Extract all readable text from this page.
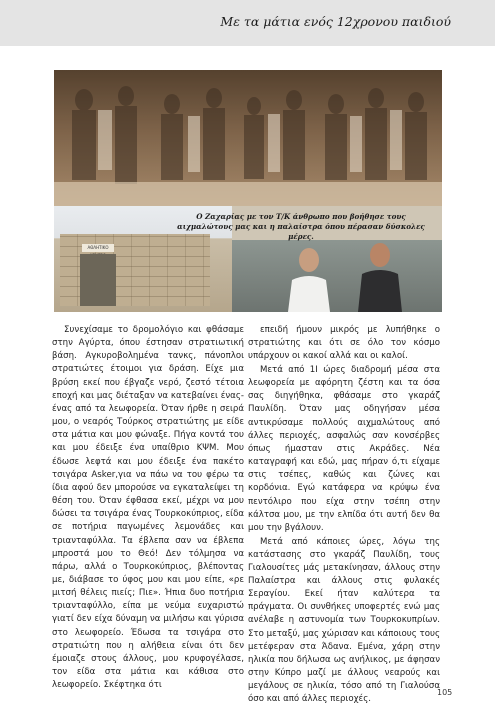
Με τα μάτια ενός 12χρονου παιδιού
ΑΘΛΗΤΙΚΟ
Ο Ζαχαρίας με τον Τ/Κ άνθρωπο που βοήθησε τους αιχμαλώτους μας και η παλαίστρα όπου πέρασαν δύσκολες μέρες.

Συνεχίσαμε το δρομολόγιο και φθάσαμε στην Αγύρτα, όπου έστησαν στρατιωτική βάση. Αγκυροβολημένα τανκς, πάνοπλοι στρατιώτες έτοιμοι για δράση. Είχε μια βρύση εκεί που έβγαζε νερό, ζεστό τέτοια εποχή και μας διέταξαν να κατεβαίνει ένας-ένας από τα λεωφορεία. Όταν ήρθε η σειρά μου, ο νεαρός Τούρκος στρατιώτης με είδε στα μάτια και μου φώναξε. Πήγα κοντά του και μου έδειξε ένα υπαίθριο ΚΨΜ. Μου έδωσε λεφτά και μου έδειξε ένα πακέτο τσιγάρα Asker,για να πάω να του φέρω τα ίδια αφού δεν μπορούσε να εγκαταλείψει τη θέση του. Όταν έφθασα εκεί, μέχρι να μου δώσει τα τσιγάρα ένας Τουρκοκύπριος, είδα σε ποτήρια παγωμένες λεμονάδες και τριανταφύλλα. Τα έβλεπα σαν να έβλεπα μπροστά μου το Θεό! Δεν τόλμησα να πάρω, αλλά ο Τουρκοκύπριος, βλέποντας με, διάβασε το ύφος μου και μου είπε, «ρε μιτσή θέλεις πιείς; Πιε». Ήπια δυο ποτήρια τριανταφύλλο, είπα με νεύμα ευχαριστώ γιατί δεν είχα δύναμη να μιλήσω και γύρισα στο λεωφορείο. Έδωσα τα τσιγάρα στο στρατιώτη που η αλήθεια είναι ότι δεν έμοιαζε στους άλλους, μου κρυφογέλασε, τον είδα στα μάτια και κάθισα στο λεωφορείο. Σκέφτηκα ότι

επειδή ήμουν μικρός με λυπήθηκε ο στρατιώτης και ότι σε όλο τον κόσμο υπάρχουν οι κακοί αλλά και οι καλοί.

Μετά από 1Ι ώρες διαδρομή μέσα στα λεωφορεία με αφόρητη ζέστη και τα όσα σας διηγήθηκα, φθάσαμε στο γκαράζ Παυλίδη. Όταν μας οδηγήσαν μέσα αντικρύσαμε πολλούς αιχμαλώτους από άλλες περιοχές, ασφαλώς σαν κονσέρβες όπως ήμασταν στις Ακράδες. Νέα καταγραφή και εδώ, μας πήραν ό,τι είχαμε στις τσέπες, καθώς και ζώνες και κορδόνια. Εγώ κατάφερα να κρύψω ένα πεντόλιρο που είχα στην τσέπη στην κάλτσα μου, με την ελπίδα ότι αυτή δεν θα μου την βγάλουν.

Μετά από κάποιες ώρες, λόγω της κατάστασης στο γκαράζ Παυλίδη, τους Γιαλουσίτες μάς μετακίνησαν, άλλους στην Παλαίστρα και άλλους στις φυλακές Σεραγίου. Εκεί ήταν καλύτερα τα πράγματα. Οι συνθήκες υποφερτές ενώ μας ανέλαβε η αστυνομία των Τουρκοκυπρίων. Στο μεταξύ, μας χώρισαν και κάποιους τους μετέφεραν στα Άδανα. Εμένα, χάρη στην ηλικία που δήλωσα ως ανήλικος, με άφησαν στην Κύπρο μαζί με άλλους νεαρούς και μεγάλους σε ηλικία, τόσο από τη Γιαλούσα όσο και από άλλες περιοχές.

105
